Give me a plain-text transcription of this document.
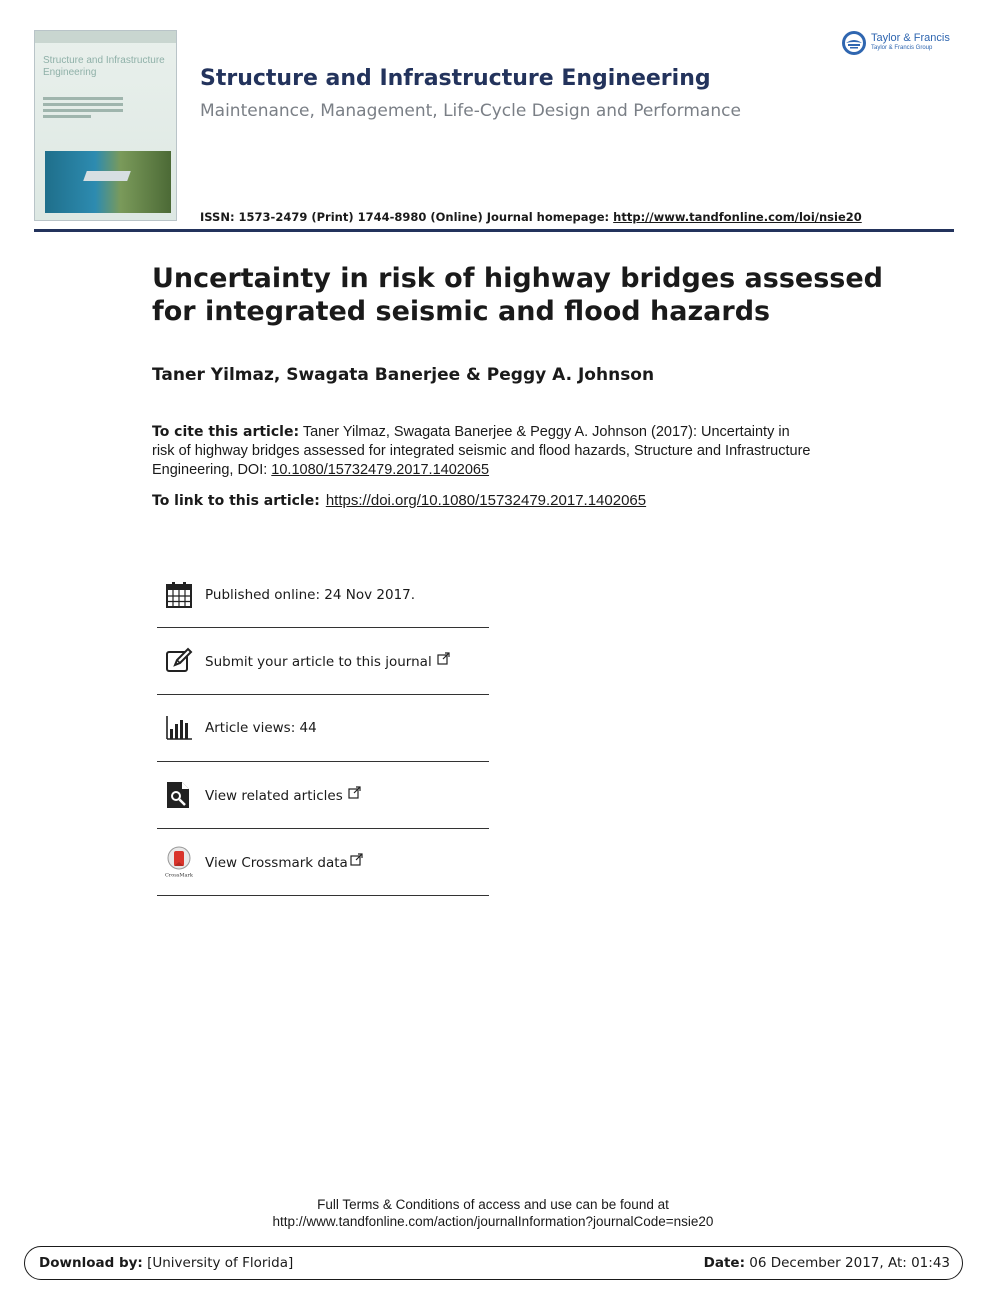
Structure and Infrastructure Engineering	Structure and Infrastructure Engineering
Maintenance, Management, Life-Cycle Design and Performance
Taylor & Francis
Taylor & Francis Group
ISSN: 1573-2479 (Print) 1744-8980 (Online) Journal homepage: http://www.tandfonline.com/loi/nsie20
Uncertainty in risk of highway bridges assessed for integrated seismic and flood hazards
Taner Yilmaz, Swagata Banerjee & Peggy A. Johnson
To cite this article: Taner Yilmaz, Swagata Banerjee & Peggy A. Johnson (2017): Uncertainty in risk of highway bridges assessed for integrated seismic and flood hazards, Structure and Infrastructure Engineering, DOI: 10.1080/15732479.2017.1402065
To link to this article: https://doi.org/10.1080/15732479.2017.1402065
Published online: 24 Nov 2017.
Submit your article to this journal
Article views: 44
View related articles
CrossMark
View Crossmark data
Full Terms & Conditions of access and use can be found at
http://www.tandfonline.com/action/journalInformation?journalCode=nsie20
Download by: [University of Florida]	Date: 06 December 2017, At: 01:43
